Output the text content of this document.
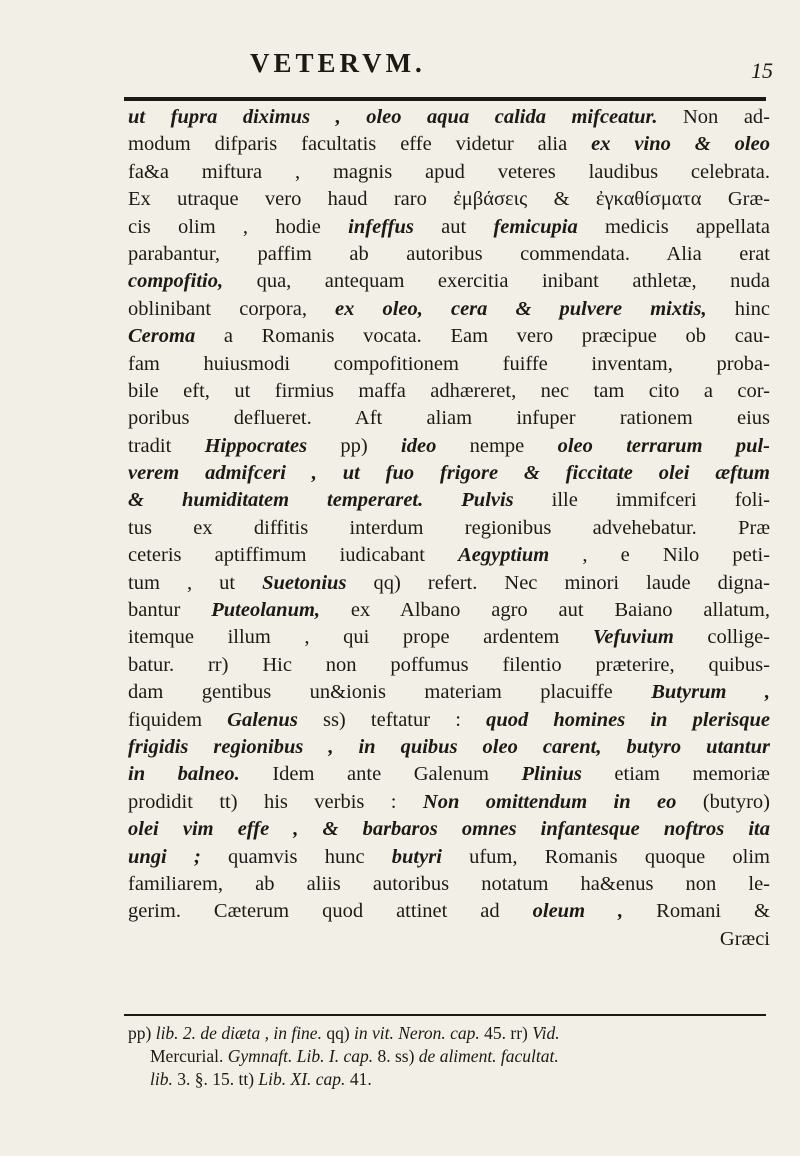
VETERVM.	15
ut fupra diximus , oleo aqua calida mifceatur. Non ad-
modum difparis facultatis effe videtur alia ex vino & oleo
fa&a miftura , magnis apud veteres laudibus celebrata.
Ex utraque vero haud raro ἐμβάσεις & ἐγκαθίσματα Græ-
cis olim , hodie infeffus aut femicupia medicis appellata
parabantur, paffim ab autoribus commendata. Alia erat
compofitio, qua, antequam exercitia inibant athletæ, nuda
oblinibant corpora, ex oleo, cera & pulvere mixtis, hinc
Ceroma a Romanis vocata. Eam vero præcipue ob cau-
fam huiusmodi compofitionem fuiffe inventam, proba-
bile eft, ut firmius maffa adhæreret, nec tam cito a cor-
poribus deflueret. Aft aliam infuper rationem eius
tradit Hippocrates pp) ideo nempe oleo terrarum pul-
verem admifceri , ut fuo frigore & ficcitate olei æftum
& humiditatem temperaret. Pulvis ille immifceri foli-
tus ex diffitis interdum regionibus advehebatur. Præ
ceteris aptiffimum iudicabant Aegyptium , e Nilo peti-
tum , ut Suetonius qq) refert. Nec minori laude digna-
bantur Puteolanum, ex Albano agro aut Baiano allatum,
itemque illum , qui prope ardentem Vefuvium collige-
batur. rr) Hic non poffumus filentio præterire, quibus-
dam gentibus un&ionis materiam placuiffe Butyrum ,
fiquidem Galenus ss) teftatur : quod homines in plerisque
frigidis regionibus , in quibus oleo carent, butyro utantur
in balneo. Idem ante Galenum Plinius etiam memoriæ
prodidit tt) his verbis : Non omittendum in eo (butyro)
olei vim effe , & barbaros omnes infantesque noftros ita
ungi ; quamvis hunc butyri ufum, Romanis quoque olim
familiarem, ab aliis autoribus notatum ha&enus non le-
gerim. Cæterum quod attinet ad oleum , Romani &
Græci
pp) lib. 2. de diæta , in fine. qq) in vit. Neron. cap. 45. rr) Vid.
Mercurial. Gymnaft. Lib. I. cap. 8. ss) de aliment. facultat.
lib. 3. §. 15. tt) Lib. XI. cap. 41.
